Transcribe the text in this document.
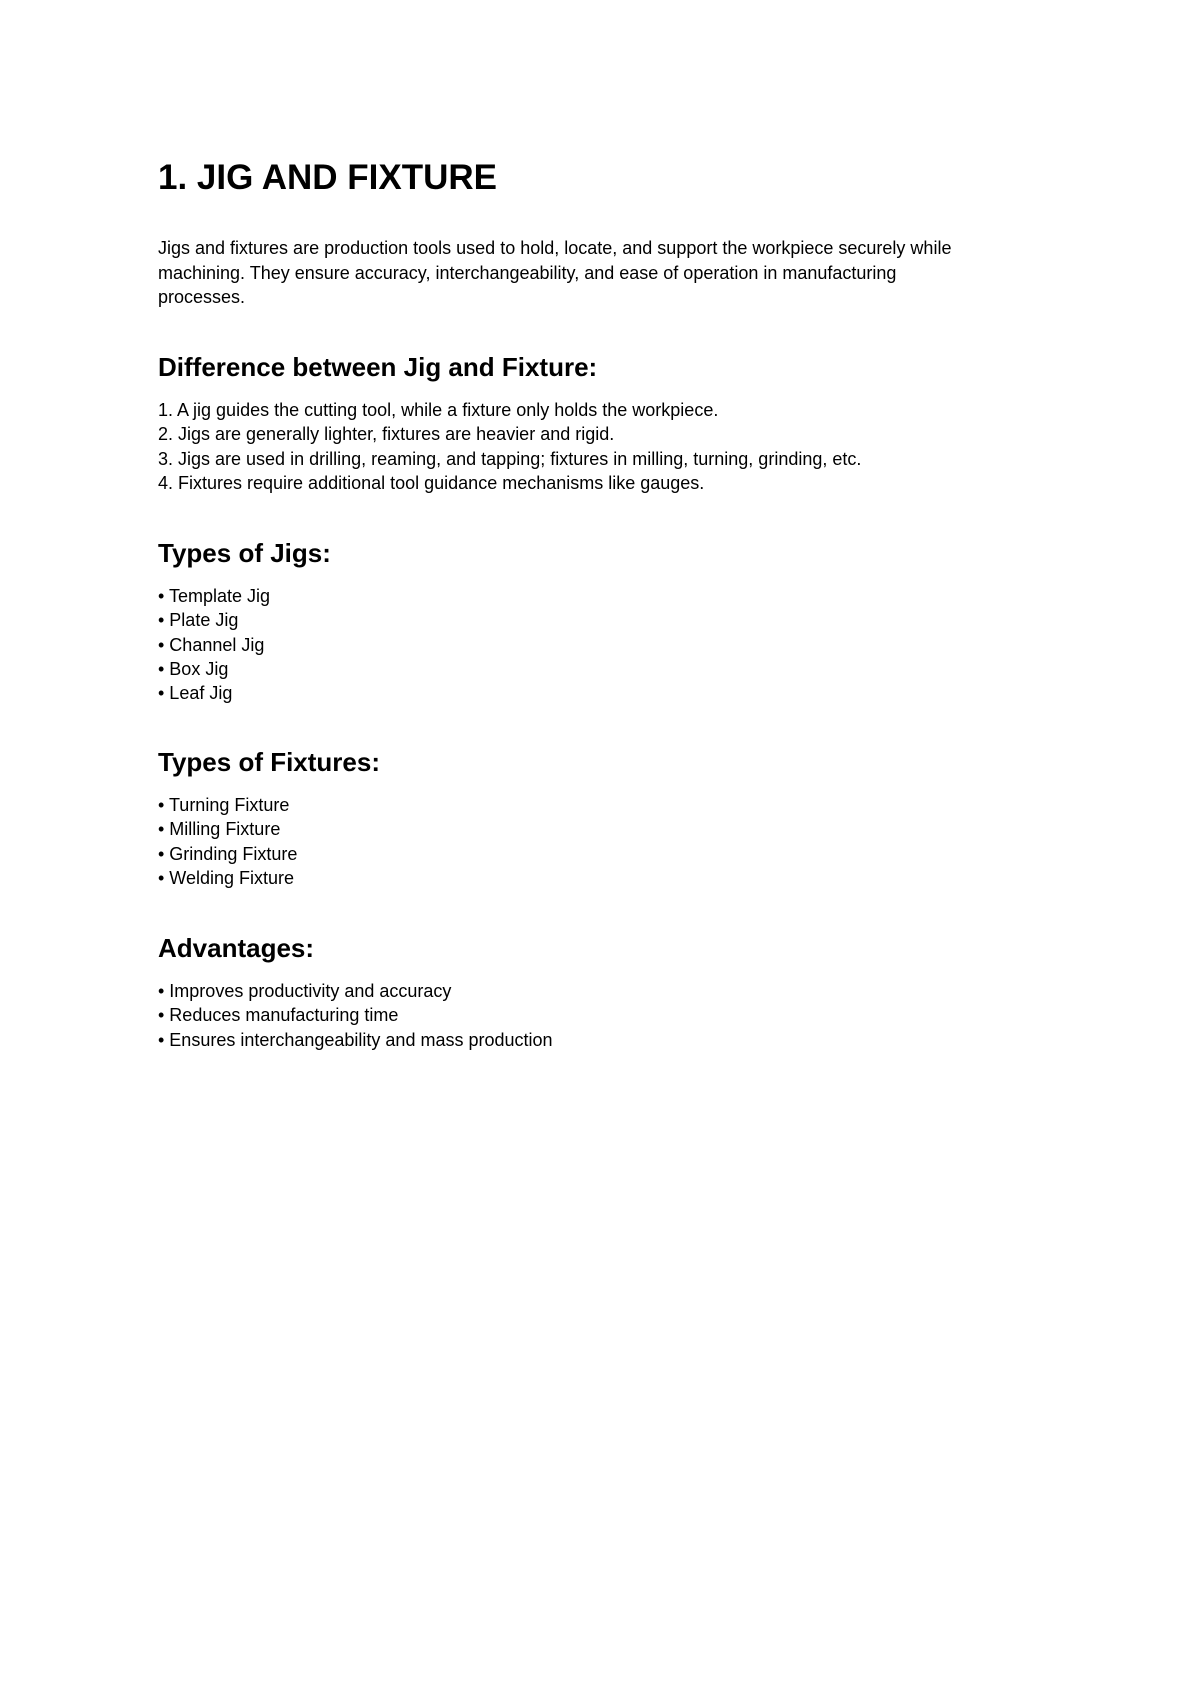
1. JIG AND FIXTURE

Jigs and fixtures are production tools used to hold, locate, and support the workpiece securely while
machining. They ensure accuracy, interchangeability, and ease of operation in manufacturing
processes.

Difference between Jig and Fixture:
1. A jig guides the cutting tool, while a fixture only holds the workpiece.
2. Jigs are generally lighter, fixtures are heavier and rigid.
3. Jigs are used in drilling, reaming, and tapping; fixtures in milling, turning, grinding, etc.
4. Fixtures require additional tool guidance mechanisms like gauges.
Types of Jigs:
• Template Jig
• Plate Jig
• Channel Jig
• Box Jig
• Leaf Jig
Types of Fixtures:
• Turning Fixture
• Milling Fixture
• Grinding Fixture
• Welding Fixture
Advantages:
• Improves productivity and accuracy
• Reduces manufacturing time
• Ensures interchangeability and mass production
